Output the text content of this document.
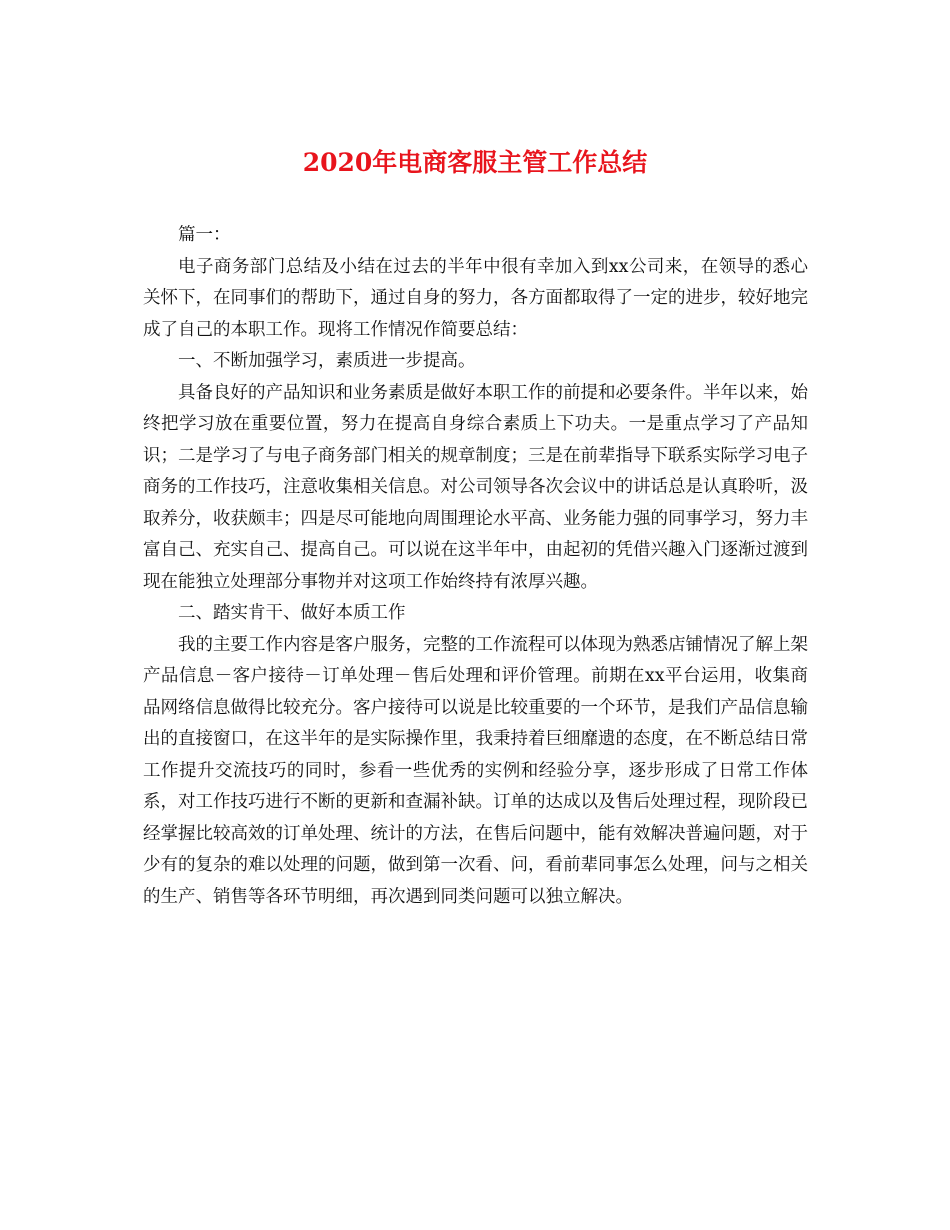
2020年电商客服主管工作总结

篇一：

电子商务部门总结及小结在过去的半年中很有幸加入到xx公司来，在领导的悉心关怀下，在同事们的帮助下，通过自身的努力，各方面都取得了一定的进步，较好地完成了自己的本职工作。现将工作情况作简要总结：

一、不断加强学习，素质进一步提高。

具备良好的产品知识和业务素质是做好本职工作的前提和必要条件。半年以来，始终把学习放在重要位置，努力在提高自身综合素质上下功夫。一是重点学习了产品知识；二是学习了与电子商务部门相关的规章制度；三是在前辈指导下联系实际学习电子商务的工作技巧，注意收集相关信息。对公司领导各次会议中的讲话总是认真聆听，汲取养分，收获颇丰；四是尽可能地向周围理论水平高、业务能力强的同事学习，努力丰富自己、充实自己、提高自己。可以说在这半年中，由起初的凭借兴趣入门逐渐过渡到现在能独立处理部分事物并对这项工作始终持有浓厚兴趣。

二、踏实肯干、做好本质工作

我的主要工作内容是客户服务，完整的工作流程可以体现为熟悉店铺情况了解上架产品信息－客户接待－订单处理－售后处理和评价管理。前期在xx平台运用，收集商品网络信息做得比较充分。客户接待可以说是比较重要的一个环节，是我们产品信息输出的直接窗口，在这半年的是实际操作里，我秉持着巨细靡遗的态度，在不断总结日常工作提升交流技巧的同时，参看一些优秀的实例和经验分享，逐步形成了日常工作体系，对工作技巧进行不断的更新和查漏补缺。订单的达成以及售后处理过程，现阶段已经掌握比较高效的订单处理、统计的方法，在售后问题中，能有效解决普遍问题，对于少有的复杂的难以处理的问题，做到第一次看、问，看前辈同事怎么处理，问与之相关的生产、销售等各环节明细，再次遇到同类问题可以独立解决。
